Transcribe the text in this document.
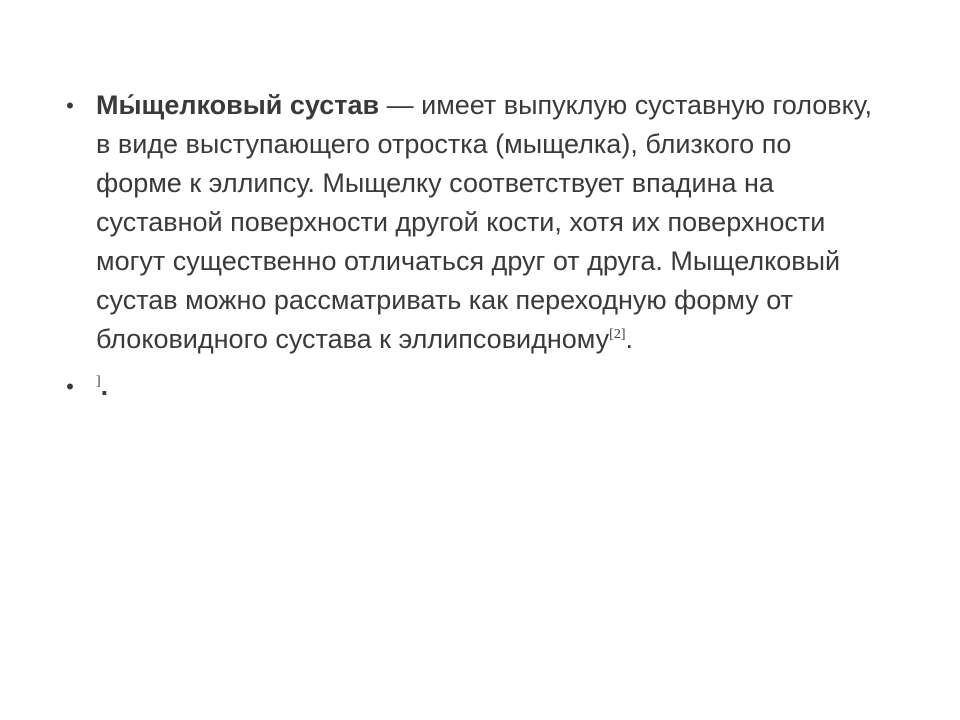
• Мы́щелковый сустав — имеет выпуклую суставную головку, в виде выступающего отростка (мыщелка), близкого по форме к эллипсу. Мыщелку соответствует впадина на суставной поверхности другой кости, хотя их поверхности могут существенно отличаться друг от друга. Мыщелковый сустав можно рассматривать как переходную форму от блоковидного сустава к эллипсовидному[2].
•	].
